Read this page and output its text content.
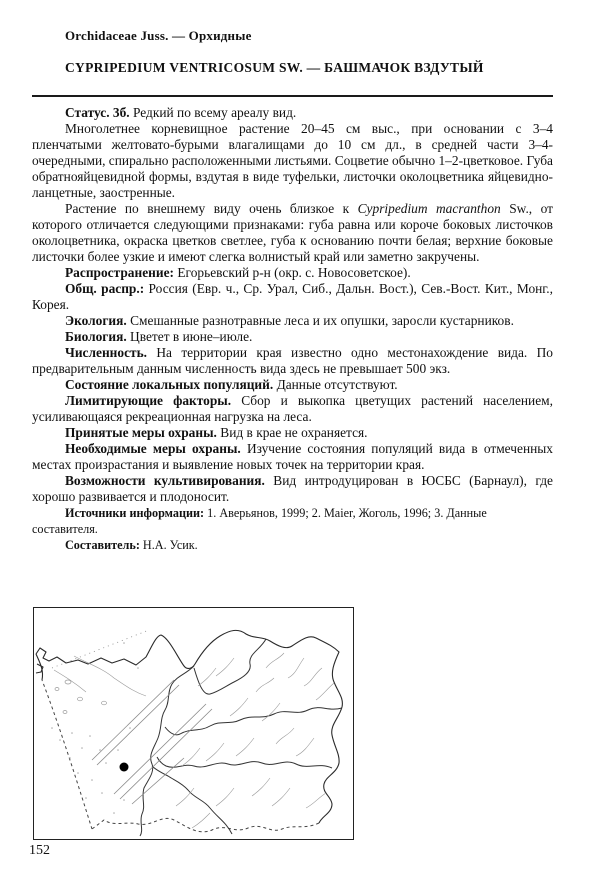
Orchidaceae Juss. — Орхидные

CYPRIPEDIUM VENTRICOSUM SW. — БАШМАЧОК ВЗДУТЫЙ

Статус. 3б. Редкий по всему ареалу вид.

Многолетнее корневищное растение 20–45 см выс., при основании с 3–4 пленчатыми желтовато-бурыми влагалищами до 10 см дл., в средней части 3–4-очередными, спирально расположенными листьями. Соцветие обычно 1–2-цветковое. Губа обратнояйцевидной формы, вздутая в виде туфельки, листочки околоцветника яйцевидно-ланцетные, заостренные.

Растение по внешнему виду очень близкое к Cypripedium macranthon Sw., от которого отличается следующими признаками: губа равна или короче боковых листочков околоцветника, окраска цветков светлее, губа к основанию почти белая; верхние боковые листочки более узкие и имеют слегка волнистый край или заметно закручены.

Распространение: Егорьевский р-н (окр. с. Новосоветское).

Общ. распр.: Россия (Евр. ч., Ср. Урал, Сиб., Дальн. Вост.), Сев.-Вост. Кит., Монг., Корея.

Экология. Смешанные разнотравные леса и их опушки, заросли кустарников.

Биология. Цветет в июне–июле.

Численность. На территории края известно одно местонахождение вида. По предварительным данным численность вида здесь не превышает 500 экз.

Состояние локальных популяций. Данные отсутствуют.

Лимитирующие факторы. Сбор и выкопка цветущих растений населением, усиливающаяся рекреационная нагрузка на леса.

Принятые меры охраны. Вид в крае не охраняется.

Необходимые меры охраны. Изучение состояния популяций вида в отмеченных местах произрастания и выявление новых точек на территории края.

Возможности культивирования. Вид интродуцирован в ЮСБС (Барнаул), где хорошо развивается и плодоносит.

Источники информации: 1. Аверьянов, 1999; 2. Maier, Жоголь, 1996; 3. Данные составителя.

Составитель: Н.А. Усик.

152
